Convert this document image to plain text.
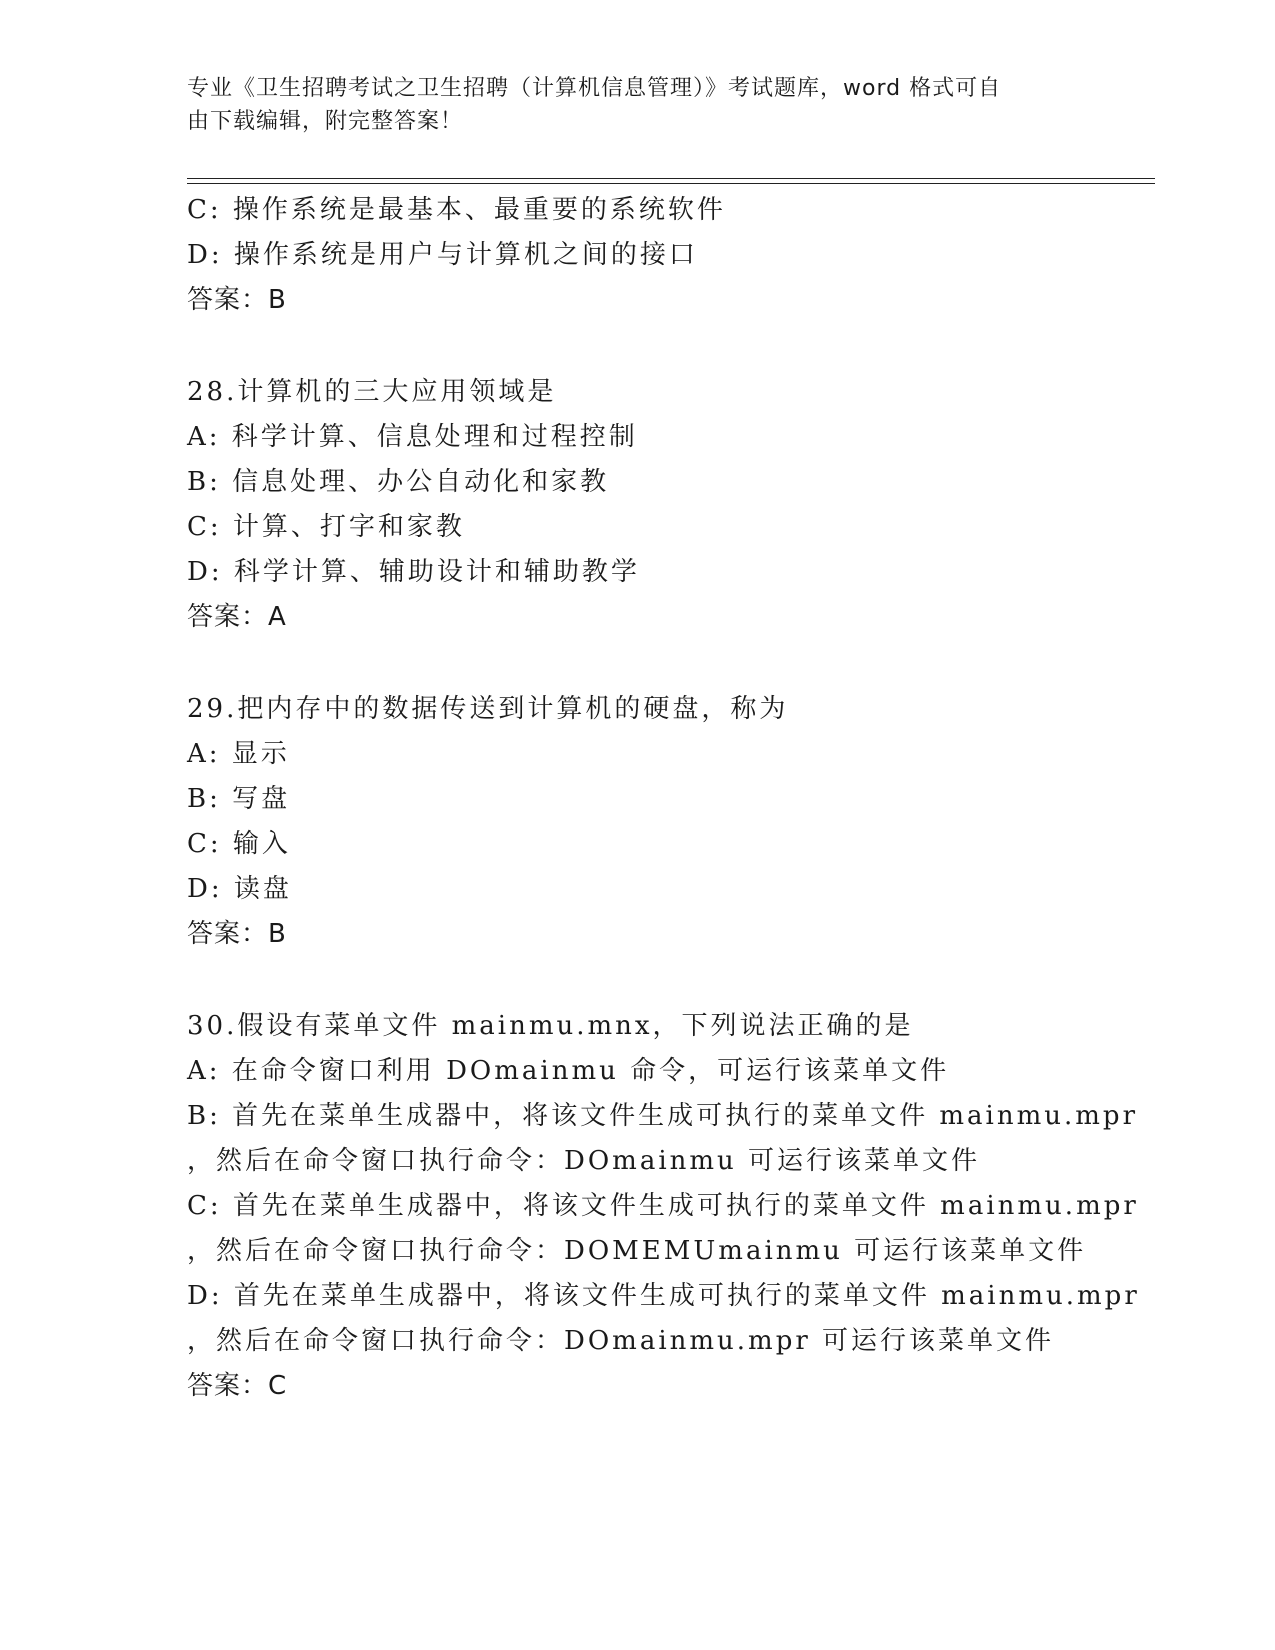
专业《卫生招聘考试之卫生招聘（计算机信息管理）》考试题库，word 格式可自
由下载编辑，附完整答案！
C: 操作系统是最基本、最重要的系统软件
D: 操作系统是用户与计算机之间的接口
答案：B
28.计算机的三大应用领域是
A: 科学计算、信息处理和过程控制
B: 信息处理、办公自动化和家教
C: 计算、打字和家教
D: 科学计算、辅助设计和辅助教学
答案：A
29.把内存中的数据传送到计算机的硬盘，称为
A: 显示
B: 写盘
C: 输入
D: 读盘
答案：B
30.假设有菜单文件 mainmu.mnx，下列说法正确的是
A: 在命令窗口利用 DOmainmu 命令，可运行该菜单文件
B: 首先在菜单生成器中，将该文件生成可执行的菜单文件 mainmu.mpr
，然后在命令窗口执行命令：DOmainmu 可运行该菜单文件
C: 首先在菜单生成器中，将该文件生成可执行的菜单文件 mainmu.mpr
，然后在命令窗口执行命令：DOMEMUmainmu 可运行该菜单文件
D: 首先在菜单生成器中，将该文件生成可执行的菜单文件 mainmu.mpr
，然后在命令窗口执行命令：DOmainmu.mpr 可运行该菜单文件
答案：C
